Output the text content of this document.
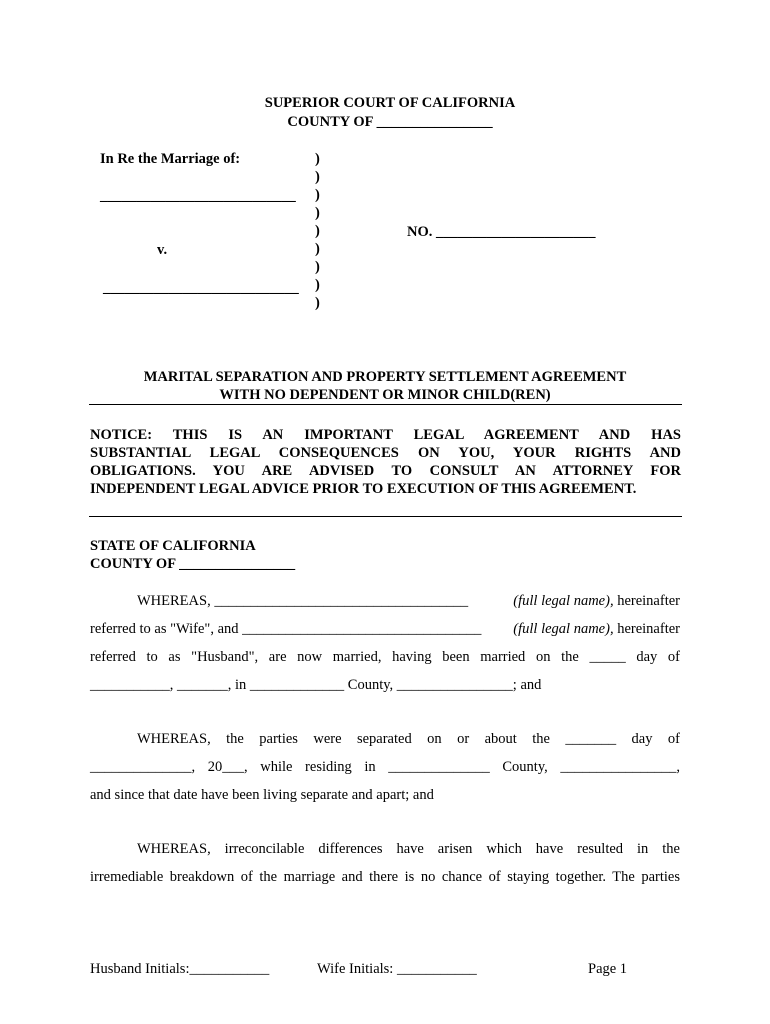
SUPERIOR COURT OF CALIFORNIA
COUNTY OF ________________
In Re the Marriage of:
___________________________
v.
___________________________
)
)
)
)
)
)
)
)
)
NO. ______________________
MARITAL SEPARATION AND PROPERTY SETTLEMENT AGREEMENT
WITH NO DEPENDENT OR MINOR CHILD(REN)
NOTICE: THIS IS AN IMPORTANT LEGAL AGREEMENT AND HAS
SUBSTANTIAL LEGAL CONSEQUENCES ON YOU, YOUR RIGHTS AND
OBLIGATIONS. YOU ARE ADVISED TO CONSULT AN ATTORNEY FOR
INDEPENDENT LEGAL ADVICE PRIOR TO EXECUTION OF THIS AGREEMENT.
STATE OF CALIFORNIA
COUNTY OF ________________
WHEREAS, ___________________________________	(full legal name), hereinafter
referred to as "Wife", and _________________________________ (full legal name), hereinafter
referred to as "Husband", are now married, having been married on the _____ day of
___________, _______, in _____________ County, ________________; and
WHEREAS, the parties were separated on or about the _______ day of
______________, 20___, while residing in ______________ County, ________________,
and since that date have been living separate and apart; and
WHEREAS, irreconcilable differences have arisen which have resulted in the
irremediable breakdown of the marriage and there is no chance of staying together. The parties
Husband Initials:___________	Wife Initials: ___________	Page 1
